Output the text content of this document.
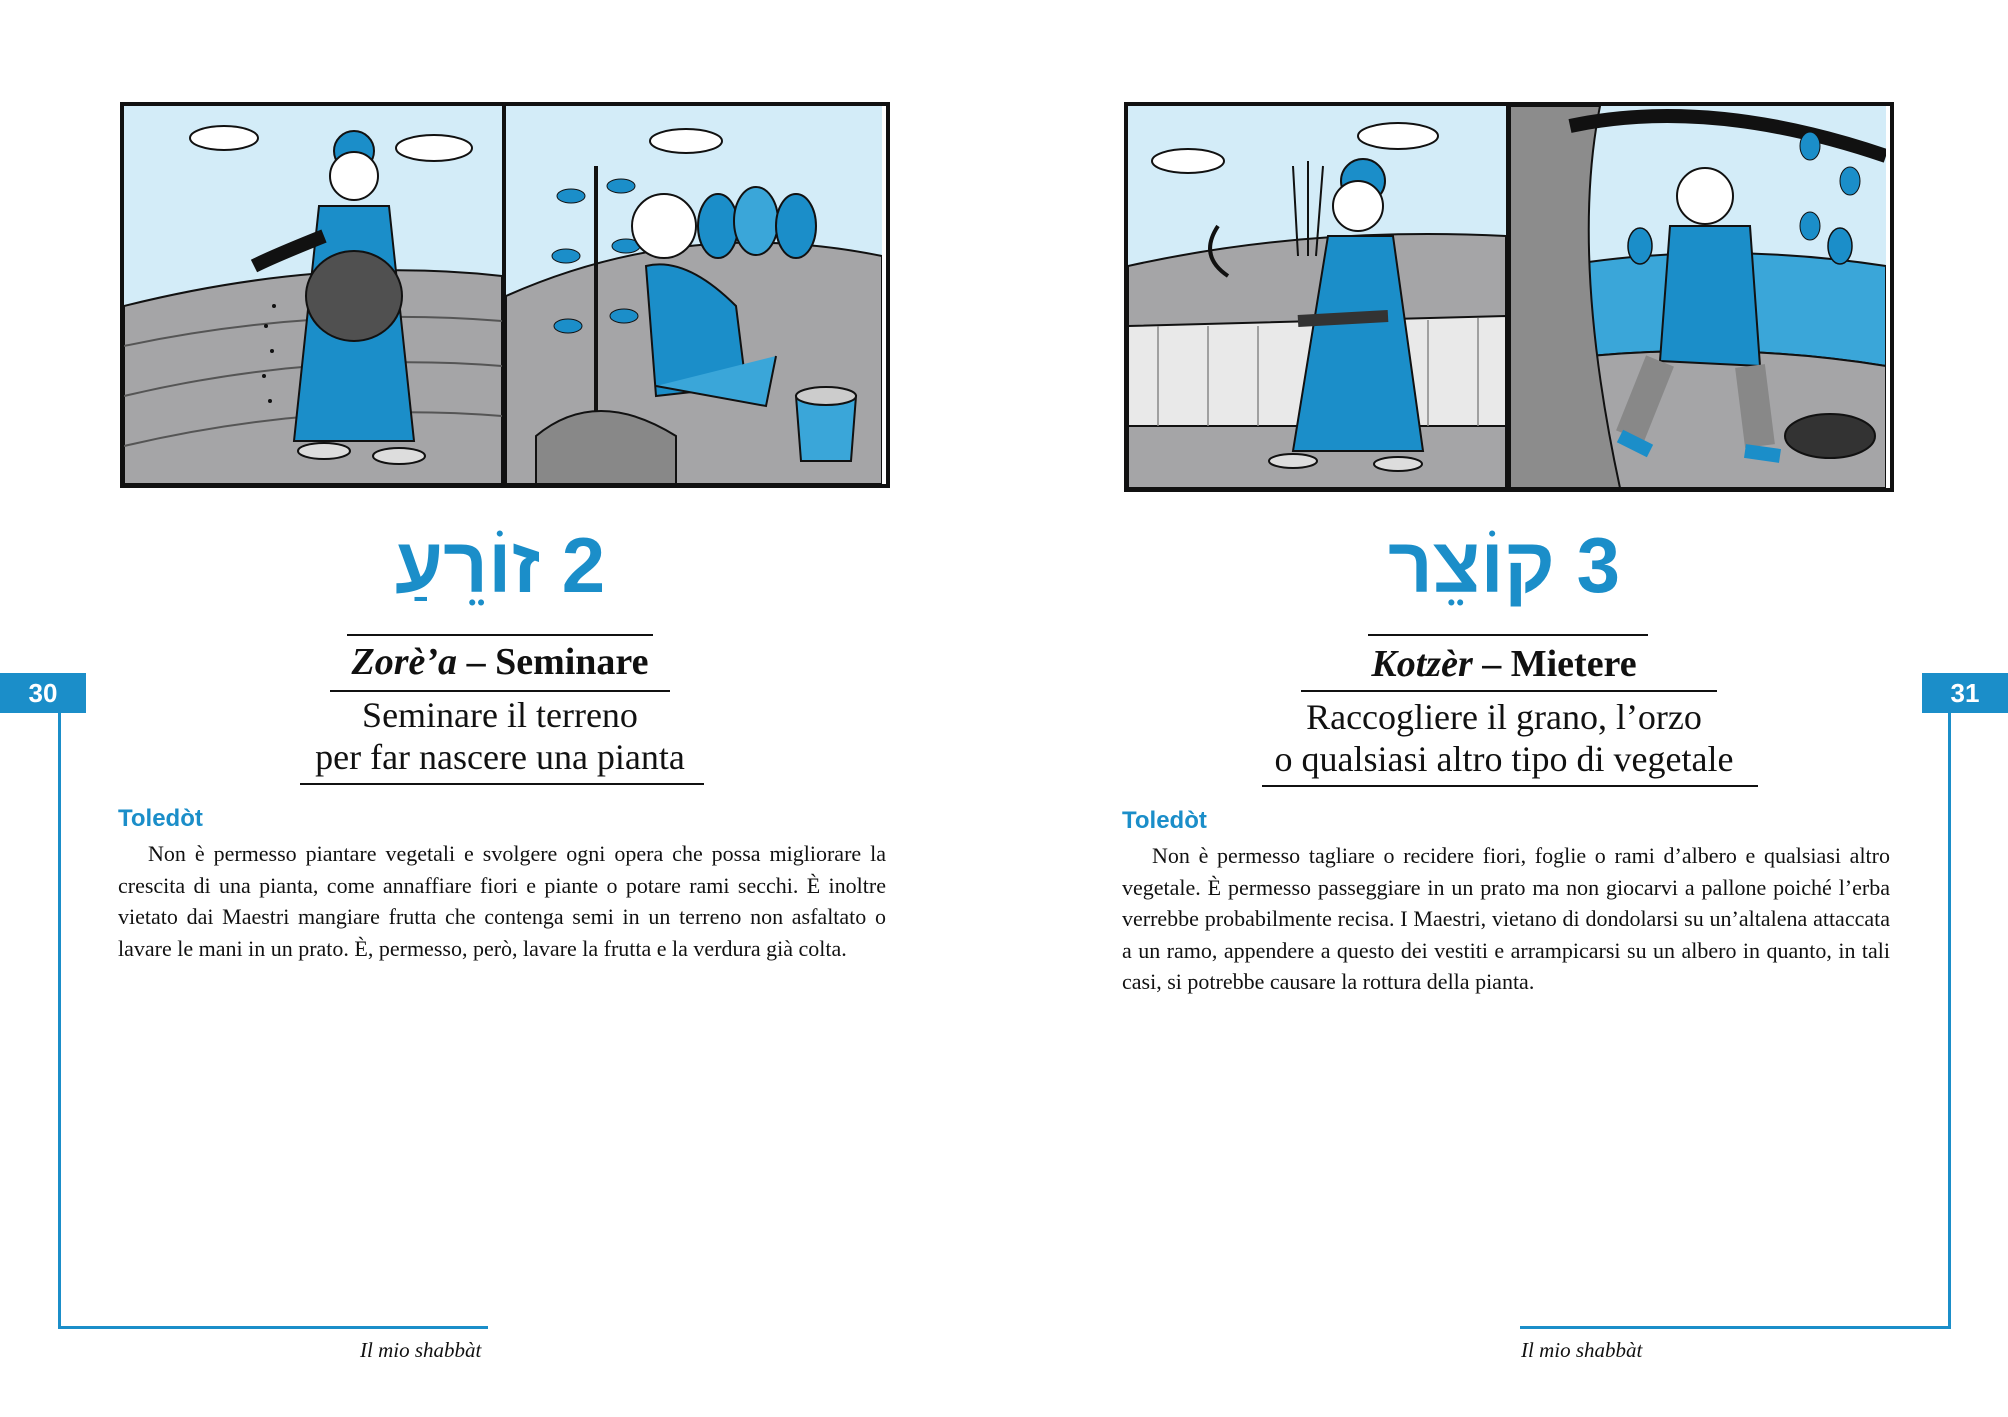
30
2 זוֹרֵעַ
Zorè’a – Seminare
Seminare il terreno
per far nascere una pianta
Toledòt

Non è permesso piantare vegetali e svolgere ogni opera che possa migliorare la crescita di una pianta, come annaffiare fiori e piante o potare rami secchi. È inoltre vietato dai Maestri mangiare frutta che contenga semi in un terreno non asfaltato o lavare le mani in un prato. È, permesso, però, lavare la frutta e la verdura già colta.

Il mio shabbàt
31
3 קוֹצֵר
Kotzèr – Mietere
Raccogliere il grano, l’orzo
o qualsiasi altro tipo di vegetale
Toledòt

Non è permesso tagliare o recidere fiori, foglie o rami d’albero e qualsiasi altro vegetale. È permesso passeggiare in un prato ma non giocarvi a pallone poiché l’erba verrebbe probabilmente recisa. I Maestri, vietano di dondolarsi su un’altalena attaccata a un ramo, appendere a questo dei vestiti e arrampicarsi su un albero in quanto, in tali casi, si potrebbe causare la rottura della pianta.

Il mio shabbàt
